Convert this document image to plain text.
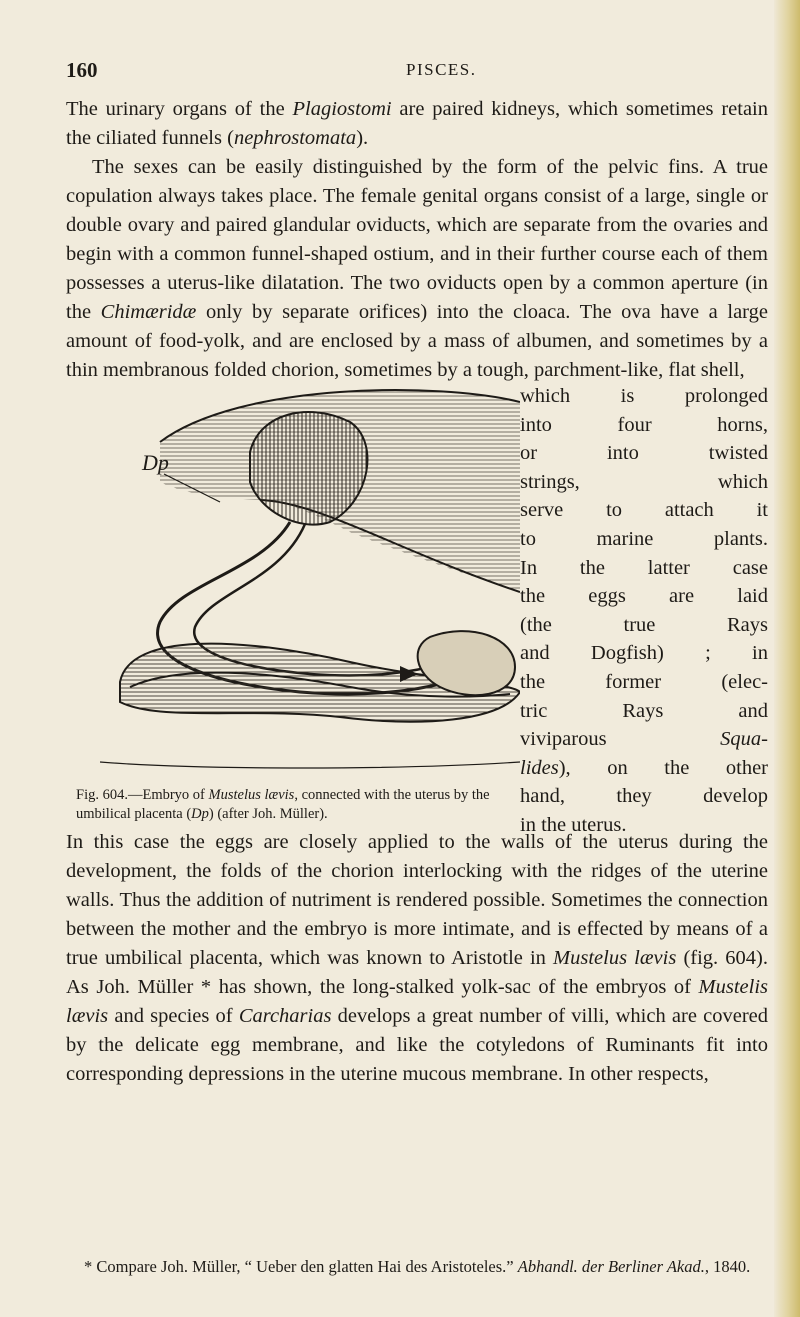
160	PISCES.

The urinary organs of the Plagiostomi are paired kidneys, which sometimes retain the ciliated funnels (nephrostomata).

The sexes can be easily distinguished by the form of the pelvic fins. A true copulation always takes place. The female genital organs consist of a large, single or double ovary and paired glandular oviducts, which are separate from the ovaries and begin with a common funnel-shaped ostium, and in their further course each of them possesses a uterus-like dilatation. The two oviducts open by a common aperture (in the Chimæridæ only by separate orifices) into the cloaca. The ova have a large amount of food-yolk, and are enclosed by a mass of albumen, and sometimes by a thin membranous folded chorion, sometimes by a tough, parchment-like, flat shell,

Dp
which is prolonged
into four horns,
or into twisted
strings, which
serve to attach it
to marine plants.
In the latter case
the eggs are laid
(the true Rays
and Dogfish) ; in
the former (elec-
tric Rays and
viviparous Squa-
lides), on the other
hand, they develop
in the uterus.
Fig. 604.—Embryo of Mustelus lævis, connected with the uterus by the umbilical placenta (Dp) (after Joh. Müller).

In this case the eggs are closely applied to the walls of the uterus during the development, the folds of the chorion interlocking with the ridges of the uterine walls. Thus the addition of nutriment is rendered possible. Sometimes the connection between the mother and the embryo is more intimate, and is effected by means of a true umbilical placenta, which was known to Aristotle in Mustelus lævis (fig. 604). As Joh. Müller * has shown, the long-stalked yolk-sac of the embryos of Mustelis lævis and species of Carcharias develops a great number of villi, which are covered by the delicate egg membrane, and like the cotyledons of Ruminants fit into corresponding depressions in the uterine mucous membrane. In other respects,

* Compare Joh. Müller, “ Ueber den glatten Hai des Aristoteles.” Abhandl. der Berliner Akad., 1840.
